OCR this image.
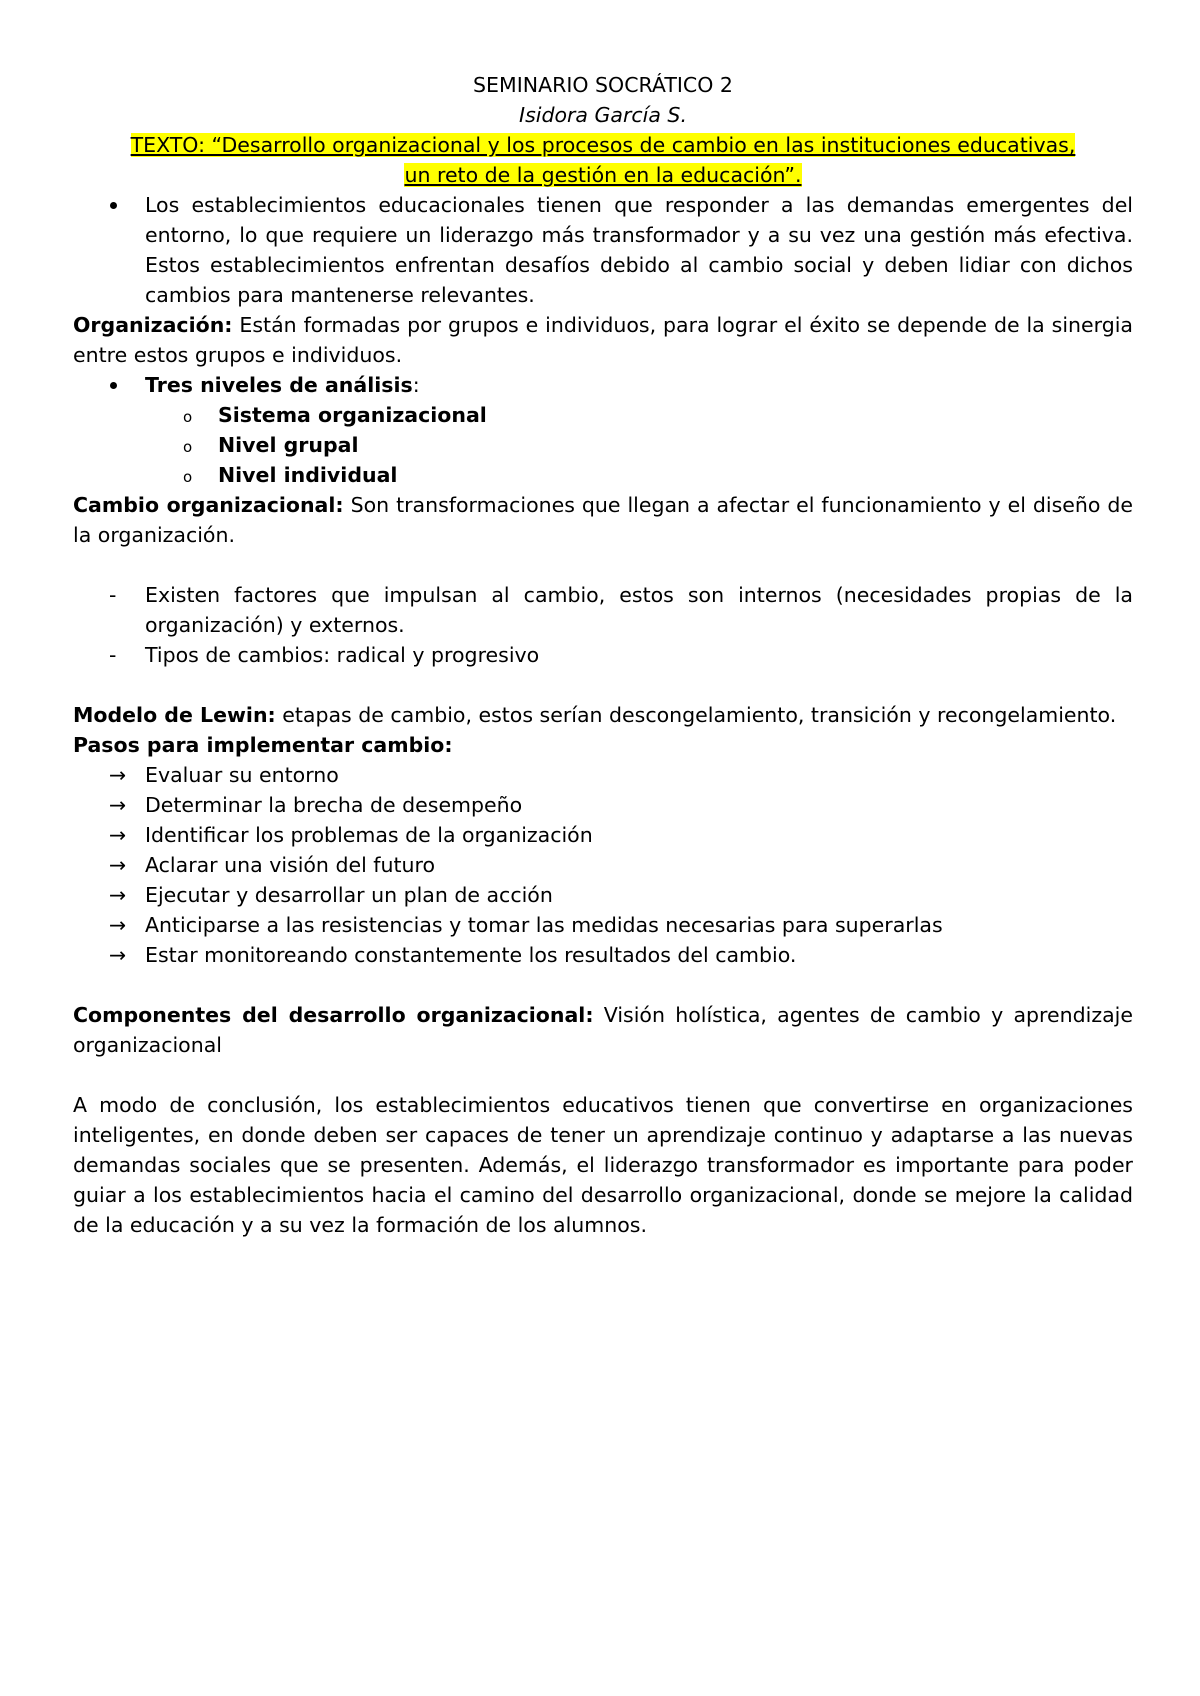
SEMINARIO SOCRÁTICO 2

Isidora García S.

TEXTO: “Desarrollo organizacional y los procesos de cambio en las instituciones educativas,
un reto de la gestión en la educación”.

Los establecimientos educacionales tienen que responder a las demandas emergentes del entorno, lo que requiere un liderazgo más transformador y a su vez una gestión más efectiva. Estos establecimientos enfrentan desafíos debido al cambio social y deben lidiar con dichos cambios para mantenerse relevantes.

Organización: Están formadas por grupos e individuos, para lograr el éxito se depende de la sinergia entre estos grupos e individuos.

Tres niveles de análisis:
o Sistema organizacional
o Nivel grupal
o Nivel individual

Cambio organizacional: Son transformaciones que llegan a afectar el funcionamiento y el diseño de la organización.

-	Existen factores que impulsan al cambio, estos son internos (necesidades propias de la organización) y externos.
-	Tipos de cambios: radical y progresivo

Modelo de Lewin: etapas de cambio, estos serían descongelamiento, transición y recongelamiento.

Pasos para implementar cambio:

→ Evaluar su entorno
→ Determinar la brecha de desempeño
→ Identificar los problemas de la organización
→ Aclarar una visión del futuro
→ Ejecutar y desarrollar un plan de acción
→ Anticiparse a las resistencias y tomar las medidas necesarias para superarlas
→ Estar monitoreando constantemente los resultados del cambio.

Componentes del desarrollo organizacional: Visión holística, agentes de cambio y aprendizaje organizacional

A modo de conclusión, los establecimientos educativos tienen que convertirse en organizaciones inteligentes, en donde deben ser capaces de tener un aprendizaje continuo y adaptarse a las nuevas demandas sociales que se presenten. Además, el liderazgo transformador es importante para poder guiar a los establecimientos hacia el camino del desarrollo organizacional, donde se mejore la calidad de la educación y a su vez la formación de los alumnos.
